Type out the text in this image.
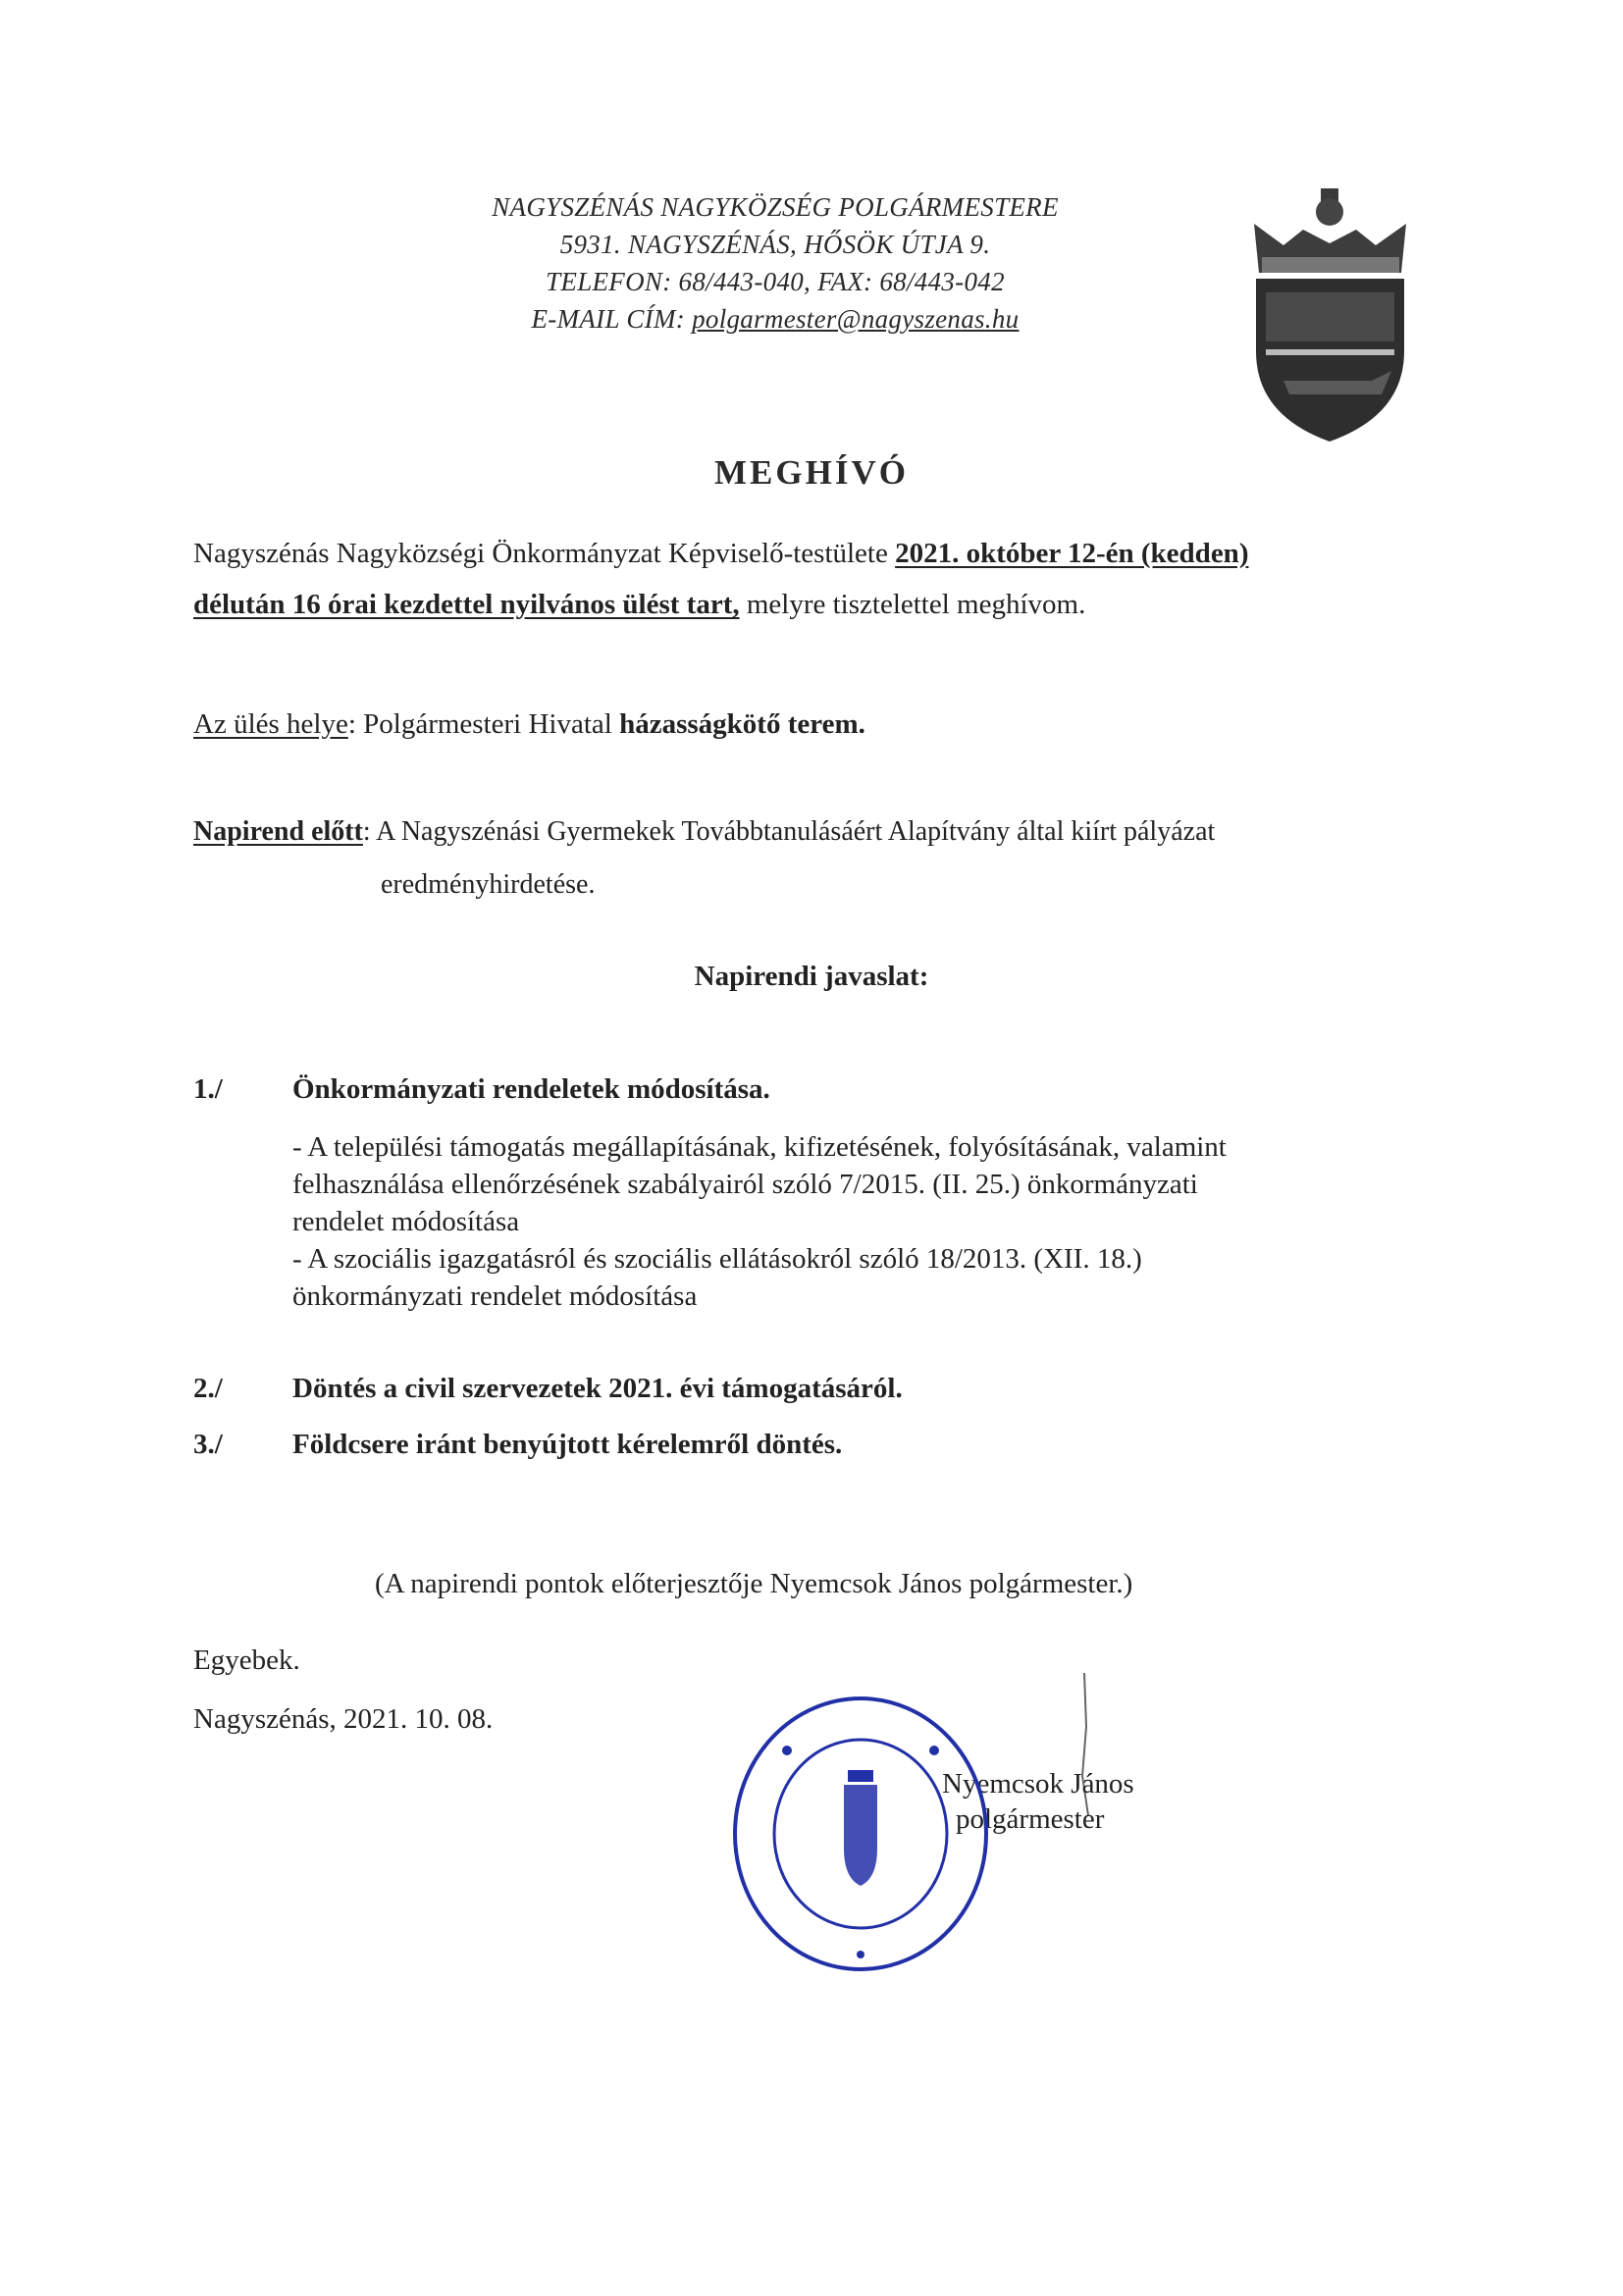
NAGYSZÉNÁS NAGYKÖZSÉG POLGÁRMESTERE
5931. NAGYSZÉNÁS, HŐSÖK ÚTJA 9.
TELEFON: 68/443-040, FAX: 68/443-042
E-MAIL CÍM: polgarmester@nagyszenas.hu
MEGHÍVÓ
Nagyszénás Nagyközségi Önkormányzat Képviselő-testülete 2021. október 12-én (kedden)
délután 16 órai kezdettel nyilvános ülést tart, melyre tisztelettel meghívom.
Az ülés helye: Polgármesteri Hivatal házasságkötő terem.
Napirend előtt: A Nagyszénási Gyermekek Továbbtanulásáért Alapítvány által kiírt pályázat
eredményhirdetése.
Napirendi javaslat:
1./ Önkormányzati rendeletek módosítása.
- A települési támogatás megállapításának, kifizetésének, folyósításának, valamint
felhasználása ellenőrzésének szabályairól szóló 7/2015. (II. 25.) önkormányzati
rendelet módosítása
- A szociális igazgatásról és szociális ellátásokról szóló 18/2013. (XII. 18.)
önkormányzati rendelet módosítása
2./ Döntés a civil szervezetek 2021. évi támogatásáról.
3./ Földcsere iránt benyújtott kérelemről döntés.
(A napirendi pontok előterjesztője Nyemcsok János polgármester.)
Egyebek.
Nagyszénás, 2021. 10. 08.
Nyemcsok János
polgármester
